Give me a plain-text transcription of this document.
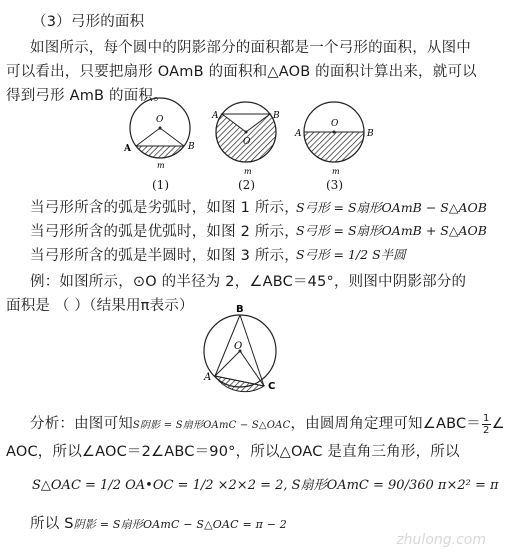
（3）弓形的面积
如图所示，每个圆中的阴影部分的面积都是一个弓形的面积，从图中
可以看出，只要把扇形 OAmB 的面积和△AOB 的面积计算出来，就可以
得到弓形 AmB 的面积。
O
A	B
m
O
A	B
m
O
A	B
m
(1)	(2)	(3)
当弓形所含的弧是劣弧时，如图 1 所示，
S弓形 = S扇形OAmB − S△AOB
当弓形所含的弧是优弧时，如图 2 所示，
S弓形 = S扇形OAmB + S△AOB
当弓形所含的弧是半圆时，如图 3 所示，
S弓形 = 1/2 S半圆
例：如图所示，⊙O 的半径为 2，∠ABC＝45°，则图中阴影部分的
面积是 （ ）（结果用π表示）	B
O
A
C
分析：由图可知S阴影 = S扇形OAmC − S△OAC，由圆周角定理可知∠ABC＝ $\frac{1}{2}$ ∠
AOC，所以∠AOC＝2∠ABC＝90°，所以△OAC 是直角三角形，所以
S△OAC = 1/2 OA•OC = 1/2 ×2×2 = 2, S扇形OAmC = 90/360 π×2² = π
所以 S阴影 = S扇形OAmC − S△OAC = π − 2
zhulong.com
